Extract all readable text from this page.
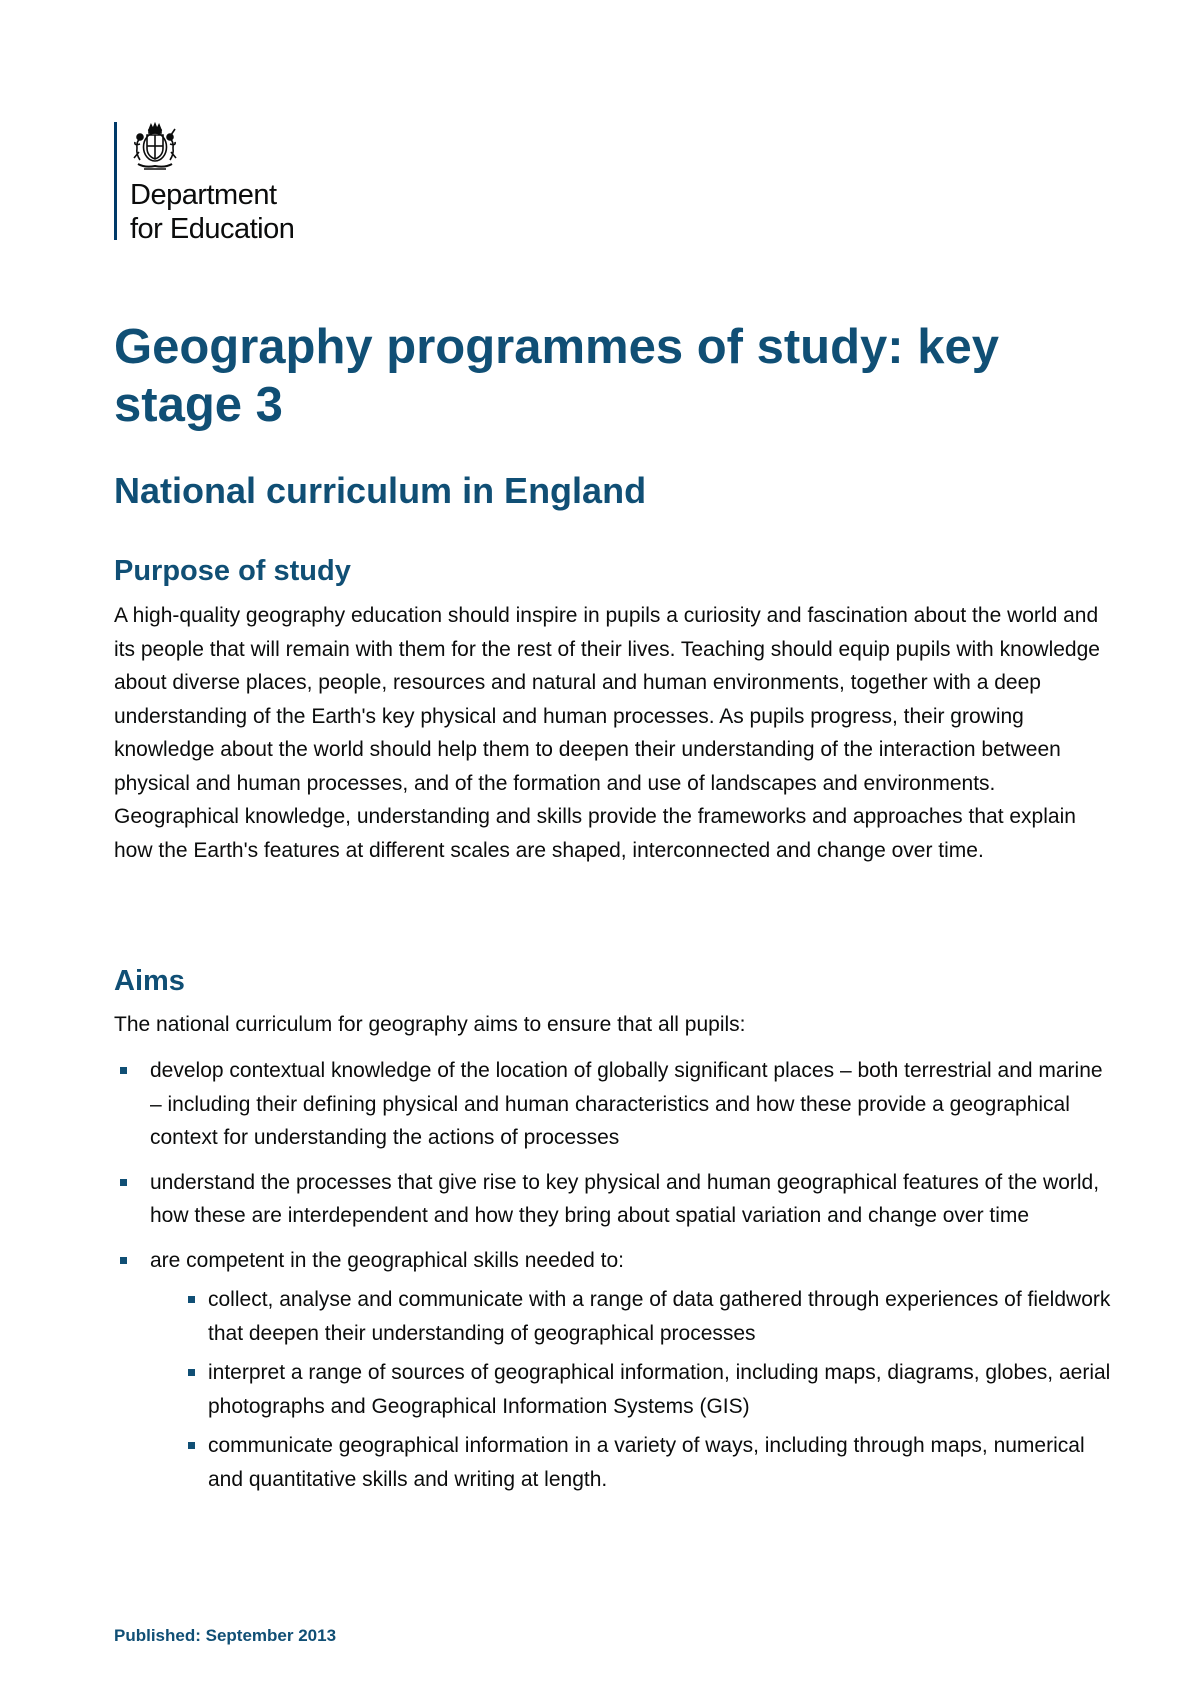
Department
for Education
Geography programmes of study: key stage 3
National curriculum in England
Purpose of study

A high-quality geography education should inspire in pupils a curiosity and fascination about the world and its people that will remain with them for the rest of their lives. Teaching should equip pupils with knowledge about diverse places, people, resources and natural and human environments, together with a deep understanding of the Earth's key physical and human processes. As pupils progress, their growing knowledge about the world should help them to deepen their understanding of the interaction between physical and human processes, and of the formation and use of landscapes and environments. Geographical knowledge, understanding and skills provide the frameworks and approaches that explain how the Earth's features at different scales are shaped, interconnected and change over time.

Aims

The national curriculum for geography aims to ensure that all pupils:

develop contextual knowledge of the location of globally significant places – both terrestrial and marine – including their defining physical and human characteristics and how these provide a geographical context for understanding the actions of processes
understand the processes that give rise to key physical and human geographical features of the world, how these are interdependent and how they bring about spatial variation and change over time
are competent in the geographical skills needed to:
collect, analyse and communicate with a range of data gathered through experiences of fieldwork that deepen their understanding of geographical processes
interpret a range of sources of geographical information, including maps, diagrams, globes, aerial photographs and Geographical Information Systems (GIS)
communicate geographical information in a variety of ways, including through maps, numerical and quantitative skills and writing at length.

Published: September 2013
